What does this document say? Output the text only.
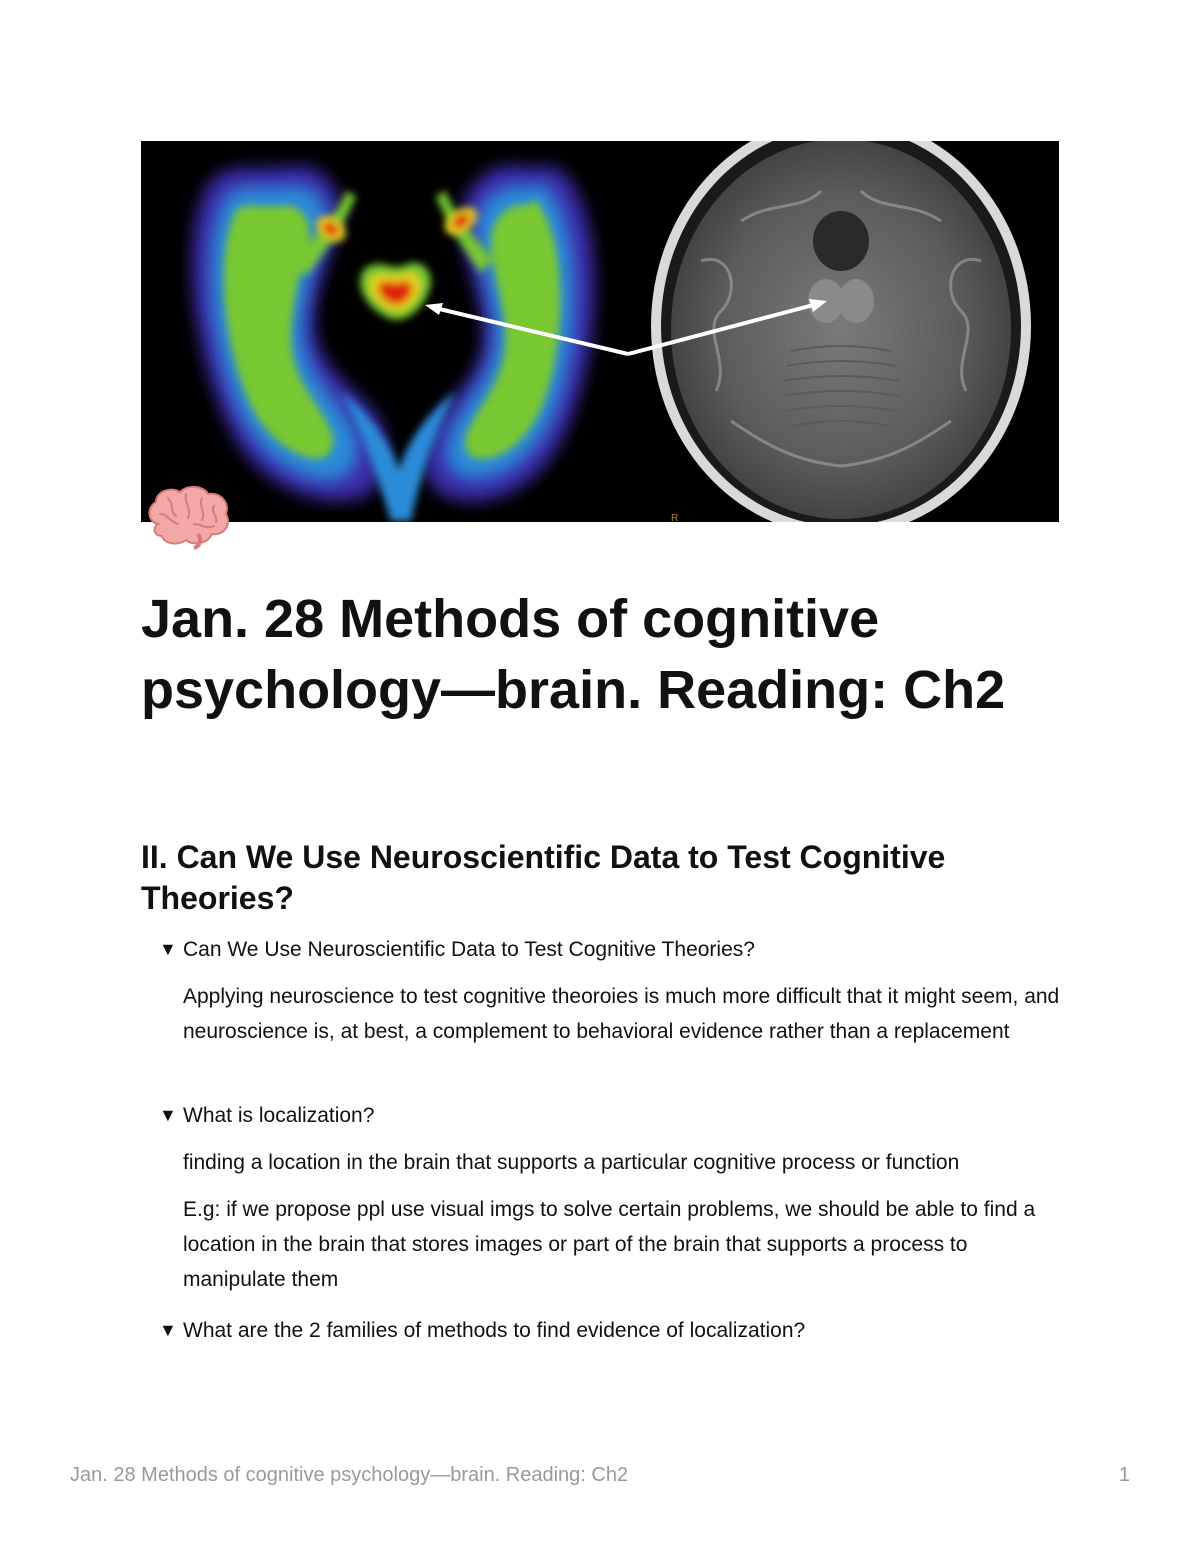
R
Jan. 28 Methods of cognitive psychology—brain. Reading: Ch2
II. Can We Use Neuroscientific Data to Test Cognitive Theories?
▼ Can We Use Neuroscientific Data to Test Cognitive Theories?

Applying neuroscience to test cognitive theoroies is much more difficult that it might seem, and neuroscience is, at best, a complement to behavioral evidence rather than a replacement

▼ What is localization?

finding a location in the brain that supports a particular cognitive process or function

E.g: if we propose ppl use visual imgs to solve certain problems, we should be able to find a location in the brain that stores images or part of the brain that supports a process to manipulate them

▼ What are the 2 families of methods to find evidence of localization?
Jan. 28 Methods of cognitive psychology—brain. Reading: Ch2	1
